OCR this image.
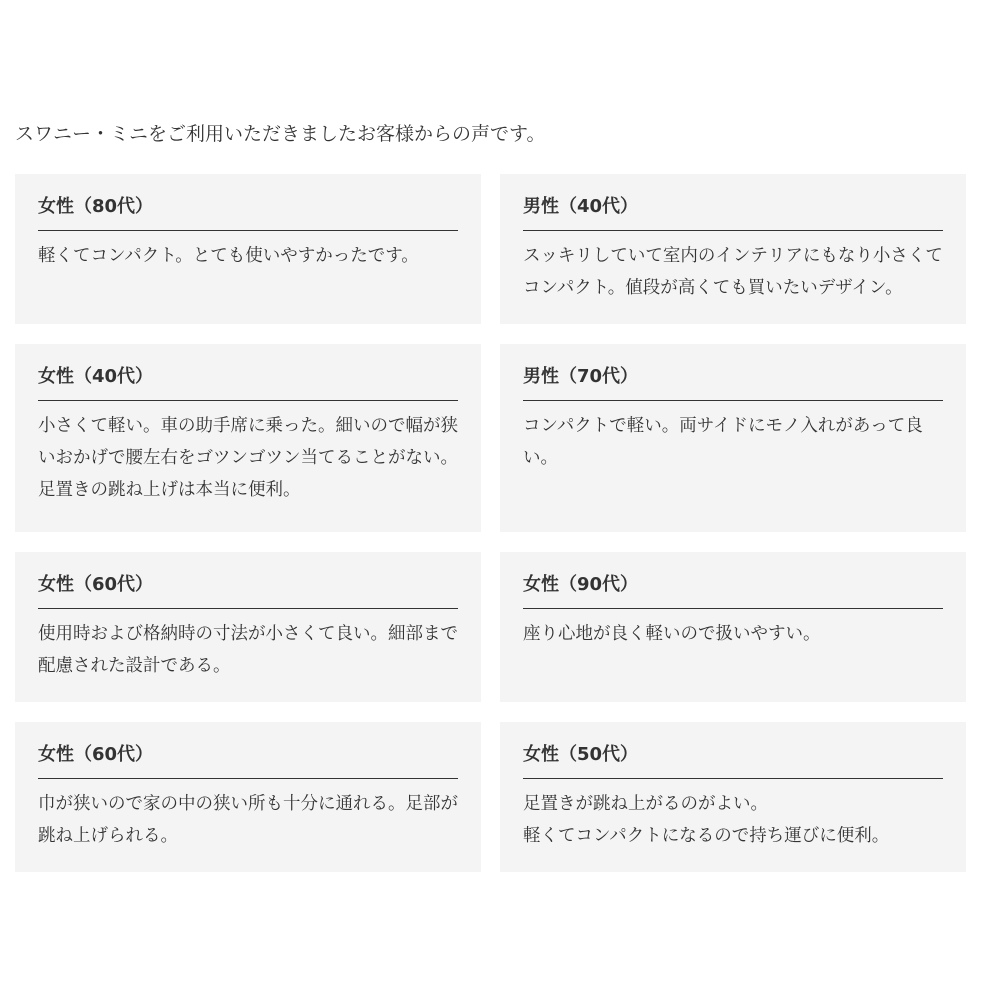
スワニー・ミニをご利用いただきましたお客様からの声です。

女性（80代）
軽くてコンパクト。とても使いやすかったです。
男性（40代）
スッキリしていて室内のインテリアにもなり小さくてコンパクト。値段が高くても買いたいデザイン。
女性（40代）
小さくて軽い。車の助手席に乗った。細いので幅が狭いおかげで腰左右をゴツンゴツン当てることがない。足置きの跳ね上げは本当に便利。
男性（70代）
コンパクトで軽い。両サイドにモノ入れがあって良い。
女性（60代）
使用時および格納時の寸法が小さくて良い。細部まで配慮された設計である。
女性（90代）
座り心地が良く軽いので扱いやすい。
女性（60代）
巾が狭いので家の中の狭い所も十分に通れる。足部が跳ね上げられる。
女性（50代）
足置きが跳ね上がるのがよい。
軽くてコンパクトになるので持ち運びに便利。
